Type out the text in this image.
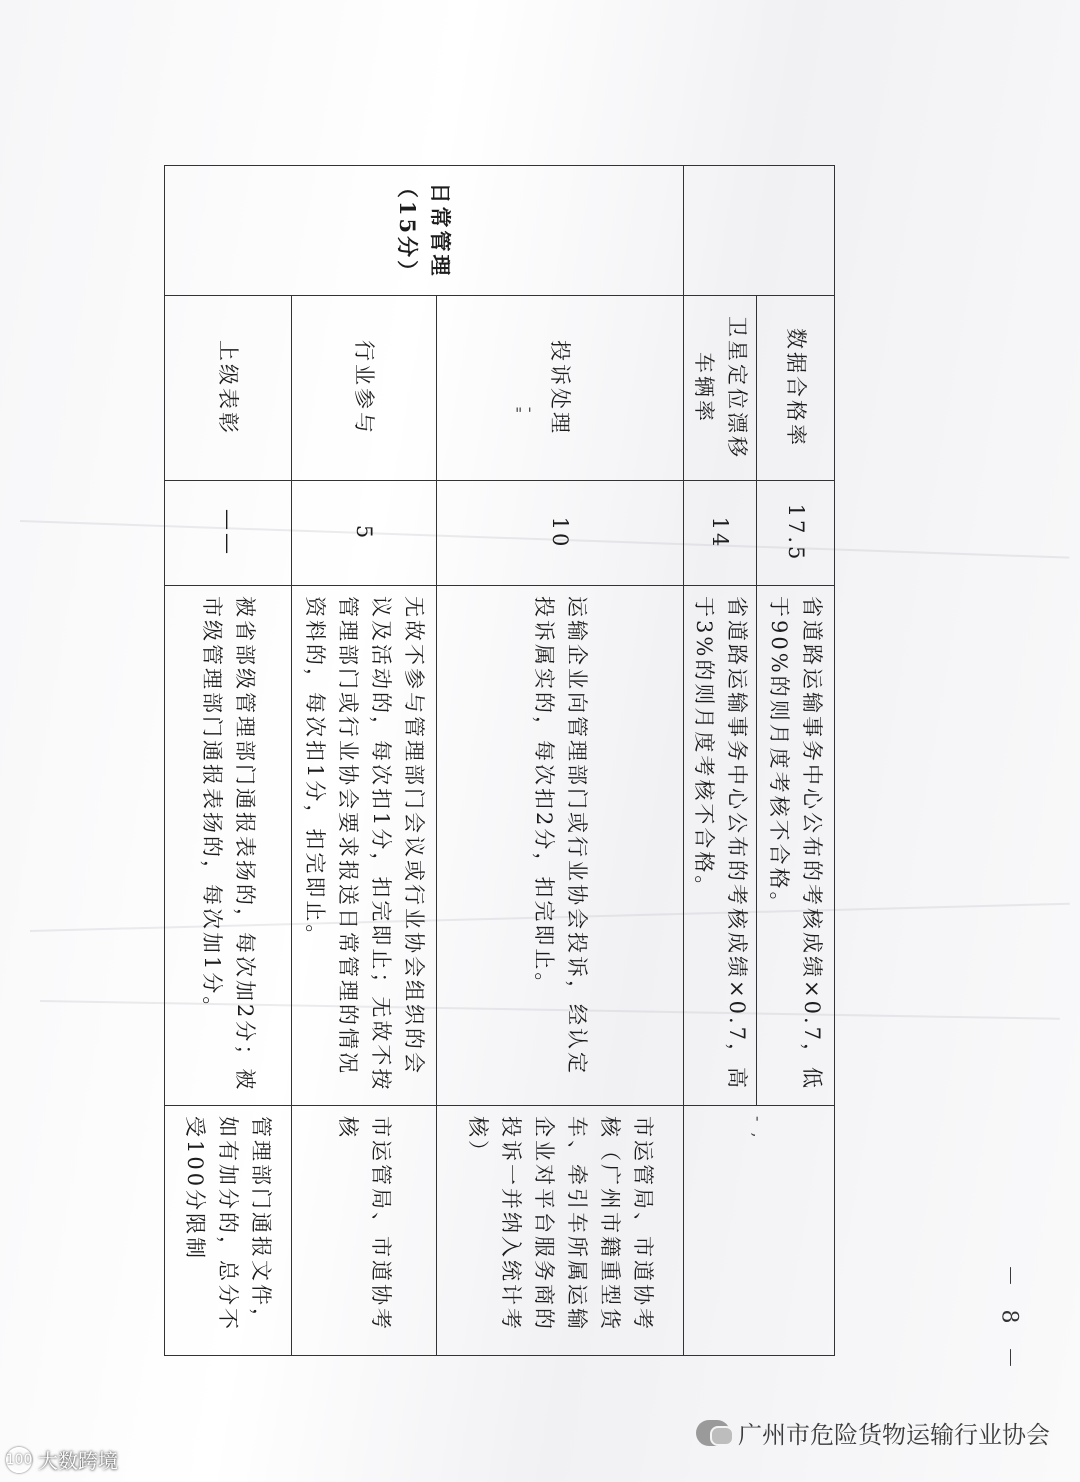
	数据合格率	17.5	省道路运输事务中心公布的考核成绩×0.7，低于90%的则月度考核不合格。	- ,
	卫星定位漂移车辆率	14	省道路运输事务中心公布的考核成绩×0.7，高于3%的则月度考核不合格。	
日常管理（15分）	投诉处理	10	运输企业向管理部门或行业协会投诉，经认定投诉属实的，每次扣2分，扣完即止。	市运管局、市道协考核（广州市籍重型货车、牵引车所属运输企业对平台服务商的投诉一并纳入统计考核）
	行业参与	5	无故不参与管理部门会议或行业协会组织的会议及活动的，每次扣1分，扣完即止；无故不按管理部门或行业协会要求报送日常管理的情况资料的，每次扣1分，扣完即止。	市运管局、市道协考核
	上级表彰	——	被省部级管理部门通报表扬的，每次加2分；被市级管理部门通报表扬的，每次加1分。	管理部门通报文件，如有加分的，总分不受100分限制
" '
－ 8 －
广州市危险货物运输行业协会
100 大数跨境
